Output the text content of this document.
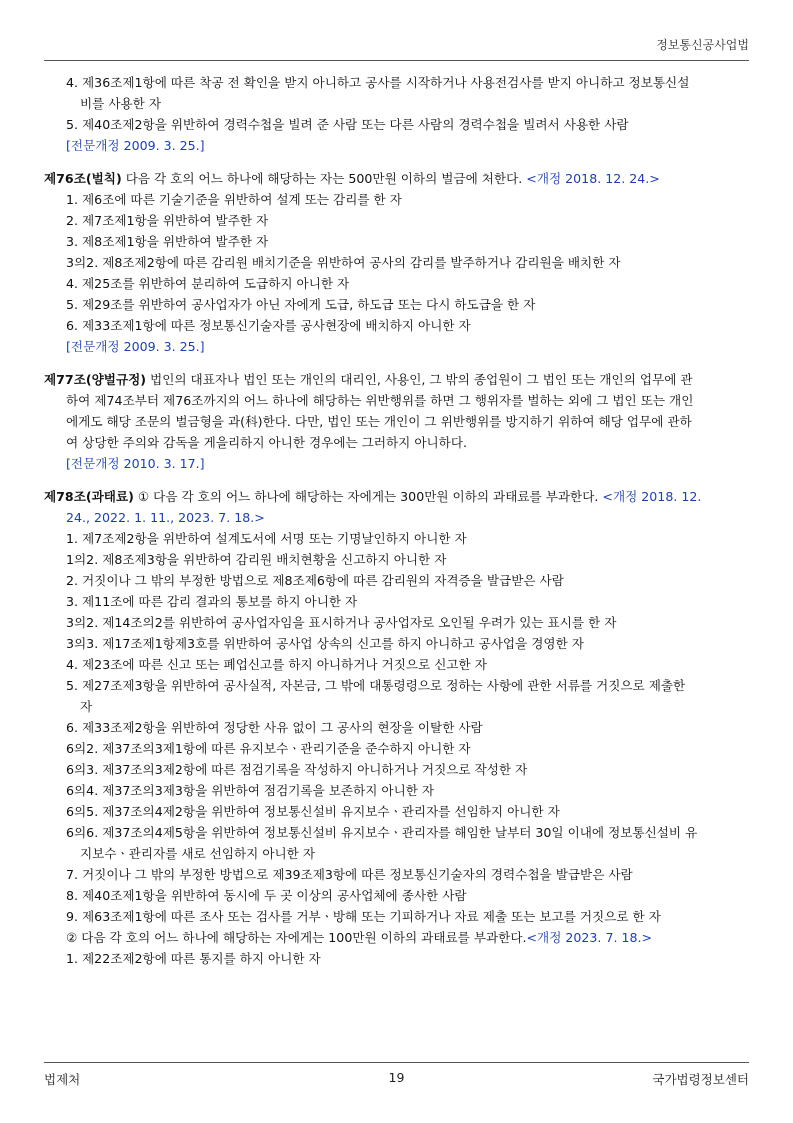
정보통신공사업법
4. 제36조제1항에 따른 착공 전 확인을 받지 아니하고 공사를 시작하거나 사용전검사를 받지 아니하고 정보통신설
비를 사용한 자
5. 제40조제2항을 위반하여 경력수첩을 빌려 준 사람 또는 다른 사람의 경력수첩을 빌려서 사용한 사람
[전문개정 2009. 3. 25.]
제76조(벌칙) 다음 각 호의 어느 하나에 해당하는 자는 500만원 이하의 벌금에 처한다. <개정 2018. 12. 24.>
1. 제6조에 따른 기술기준을 위반하여 설계 또는 감리를 한 자
2. 제7조제1항을 위반하여 발주한 자
3. 제8조제1항을 위반하여 발주한 자
3의2. 제8조제2항에 따른 감리원 배치기준을 위반하여 공사의 감리를 발주하거나 감리원을 배치한 자
4. 제25조를 위반하여 분리하여 도급하지 아니한 자
5. 제29조를 위반하여 공사업자가 아닌 자에게 도급, 하도급 또는 다시 하도급을 한 자
6. 제33조제1항에 따른 정보통신기술자를 공사현장에 배치하지 아니한 자
[전문개정 2009. 3. 25.]
제77조(양벌규정) 법인의 대표자나 법인 또는 개인의 대리인, 사용인, 그 밖의 종업원이 그 법인 또는 개인의 업무에 관
하여 제74조부터 제76조까지의 어느 하나에 해당하는 위반행위를 하면 그 행위자를 벌하는 외에 그 법인 또는 개인
에게도 해당 조문의 벌금형을 과(科)한다. 다만, 법인 또는 개인이 그 위반행위를 방지하기 위하여 해당 업무에 관하
여 상당한 주의와 감독을 게을리하지 아니한 경우에는 그러하지 아니하다.
[전문개정 2010. 3. 17.]
제78조(과태료) ① 다음 각 호의 어느 하나에 해당하는 자에게는 300만원 이하의 과태료를 부과한다. <개정 2018. 12.
24., 2022. 1. 11., 2023. 7. 18.>
1. 제7조제2항을 위반하여 설계도서에 서명 또는 기명날인하지 아니한 자
1의2. 제8조제3항을 위반하여 감리원 배치현황을 신고하지 아니한 자
2. 거짓이나 그 밖의 부정한 방법으로 제8조제6항에 따른 감리원의 자격증을 발급받은 사람
3. 제11조에 따른 감리 결과의 통보를 하지 아니한 자
3의2. 제14조의2를 위반하여 공사업자임을 표시하거나 공사업자로 오인될 우려가 있는 표시를 한 자
3의3. 제17조제1항제3호를 위반하여 공사업 상속의 신고를 하지 아니하고 공사업을 경영한 자
4. 제23조에 따른 신고 또는 폐업신고를 하지 아니하거나 거짓으로 신고한 자
5. 제27조제3항을 위반하여 공사실적, 자본금, 그 밖에 대통령령으로 정하는 사항에 관한 서류를 거짓으로 제출한
자
6. 제33조제2항을 위반하여 정당한 사유 없이 그 공사의 현장을 이탈한 사람
6의2. 제37조의3제1항에 따른 유지보수ㆍ관리기준을 준수하지 아니한 자
6의3. 제37조의3제2항에 따른 점검기록을 작성하지 아니하거나 거짓으로 작성한 자
6의4. 제37조의3제3항을 위반하여 점검기록을 보존하지 아니한 자
6의5. 제37조의4제2항을 위반하여 정보통신설비 유지보수ㆍ관리자를 선임하지 아니한 자
6의6. 제37조의4제5항을 위반하여 정보통신설비 유지보수ㆍ관리자를 해임한 날부터 30일 이내에 정보통신설비 유
지보수ㆍ관리자를 새로 선임하지 아니한 자
7. 거짓이나 그 밖의 부정한 방법으로 제39조제3항에 따른 정보통신기술자의 경력수첩을 발급받은 사람
8. 제40조제1항을 위반하여 동시에 두 곳 이상의 공사업체에 종사한 사람
9. 제63조제1항에 따른 조사 또는 검사를 거부ㆍ방해 또는 기피하거나 자료 제출 또는 보고를 거짓으로 한 자
② 다음 각 호의 어느 하나에 해당하는 자에게는 100만원 이하의 과태료를 부과한다.<개정 2023. 7. 18.>
1. 제22조제2항에 따른 통지를 하지 아니한 자
법제처	19	국가법령정보센터
